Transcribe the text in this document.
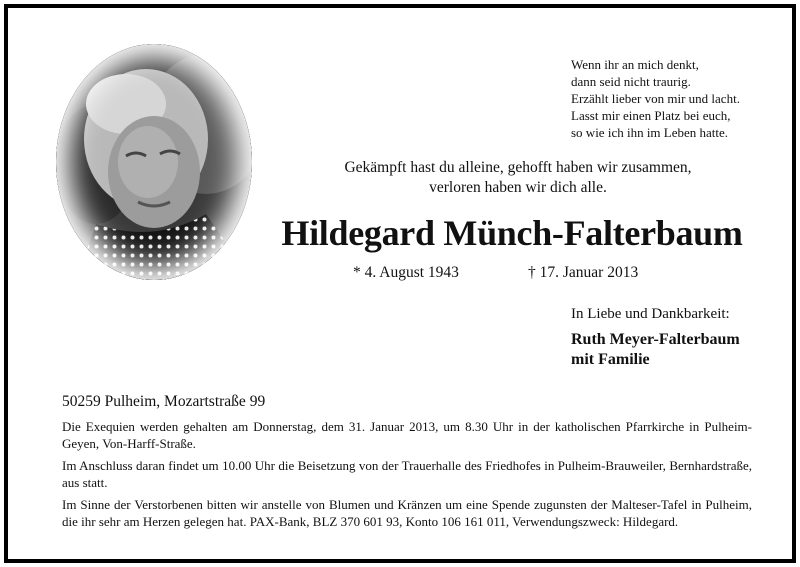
Wenn ihr an mich denkt,
dann seid nicht traurig.
Erzählt lieber von mir und lacht.
Lasst mir einen Platz bei euch,
so wie ich ihn im Leben hatte.
Gekämpft hast du alleine, gehofft haben wir zusammen,
verloren haben wir dich alle.
Hildegard Münch-Falterbaum
* 4. August 1943	† 17. Januar 2013
In Liebe und Dankbarkeit:
Ruth Meyer-Falterbaum
mit Familie
50259 Pulheim, Mozartstraße 99
Die Exequien werden gehalten am Donnerstag, dem 31. Januar 2013, um 8.30 Uhr in der katholischen Pfarrkirche in Pulheim-Geyen, Von-Harff-Straße.
Im Anschluss daran findet um 10.00 Uhr die Beisetzung von der Trauerhalle des Friedhofes in Pulheim-Brauweiler, Bernhardstraße, aus statt.
Im Sinne der Verstorbenen bitten wir anstelle von Blumen und Kränzen um eine Spende zugunsten der Malteser-Tafel in Pulheim, die ihr sehr am Herzen gelegen hat. PAX-Bank, BLZ 370 601 93, Konto 106 161 011, Verwendungszweck: Hildegard.
